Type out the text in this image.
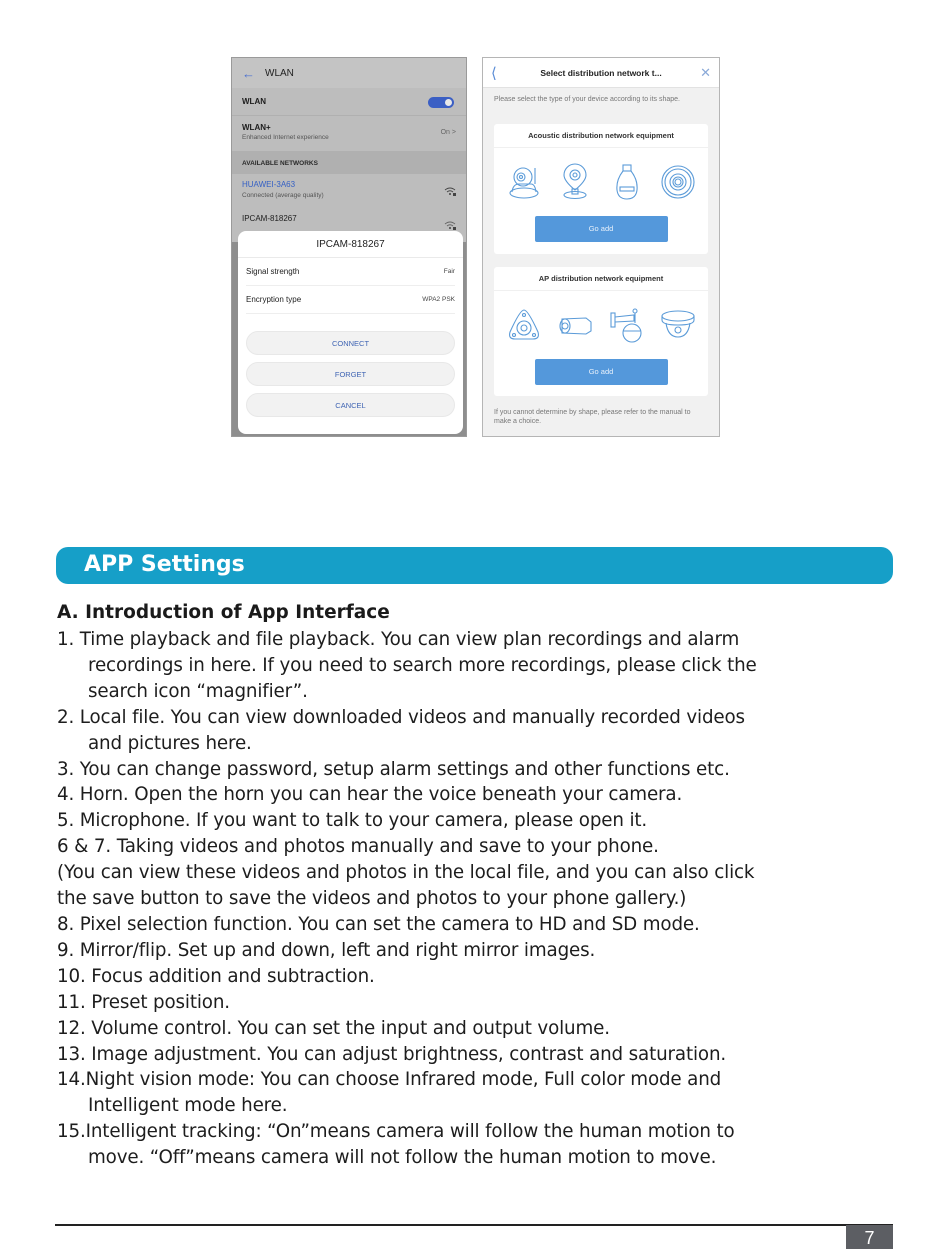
← WLAN
WLAN
WLAN+
Enhanced Internet experience
On >
AVAILABLE NETWORKS
HUAWEI-3A63
Connected (average quality)
IPCAM-818267
IPCAM-818267
Signal strength	Fair
Encryption type	WPA2 PSK
CONNECT
FORGET
CANCEL
⟨	Select distribution network t...	✕
Please select the type of your device according to its shape.
Acoustic distribution network equipment
Go add
AP distribution network equipment
Go add
If you cannot determine by shape, please refer to the manual to make a choice.
APP Settings
A. Introduction of App Interface
1. Time playback and file playback. You can view plan recordings and alarm
recordings in here. If you need to search more recordings, please click the
search icon “magnifier”.
2. Local file. You can view downloaded videos and manually recorded videos
and pictures here.
3. You can change password, setup alarm settings and other functions etc.
4. Horn. Open the horn you can hear the voice beneath your camera.
5. Microphone. If you want to talk to your camera, please open it.
6 & 7. Taking videos and photos manually and save to your phone.
(You can view these videos and photos in the local file, and you can also click
the save button to save the videos and photos to your phone gallery.)
8. Pixel selection function. You can set the camera to HD and SD mode.
9. Mirror/flip. Set up and down, left and right mirror images.
10. Focus addition and subtraction.
11. Preset position.
12. Volume control. You can set the input and output volume.
13. Image adjustment. You can adjust brightness, contrast and saturation.
14.Night vision mode: You can choose Infrared mode, Full color mode and
Intelligent mode here.
15.Intelligent tracking: “On”means camera will follow the human motion to
move. “Off”means camera will not follow the human motion to move.
7
